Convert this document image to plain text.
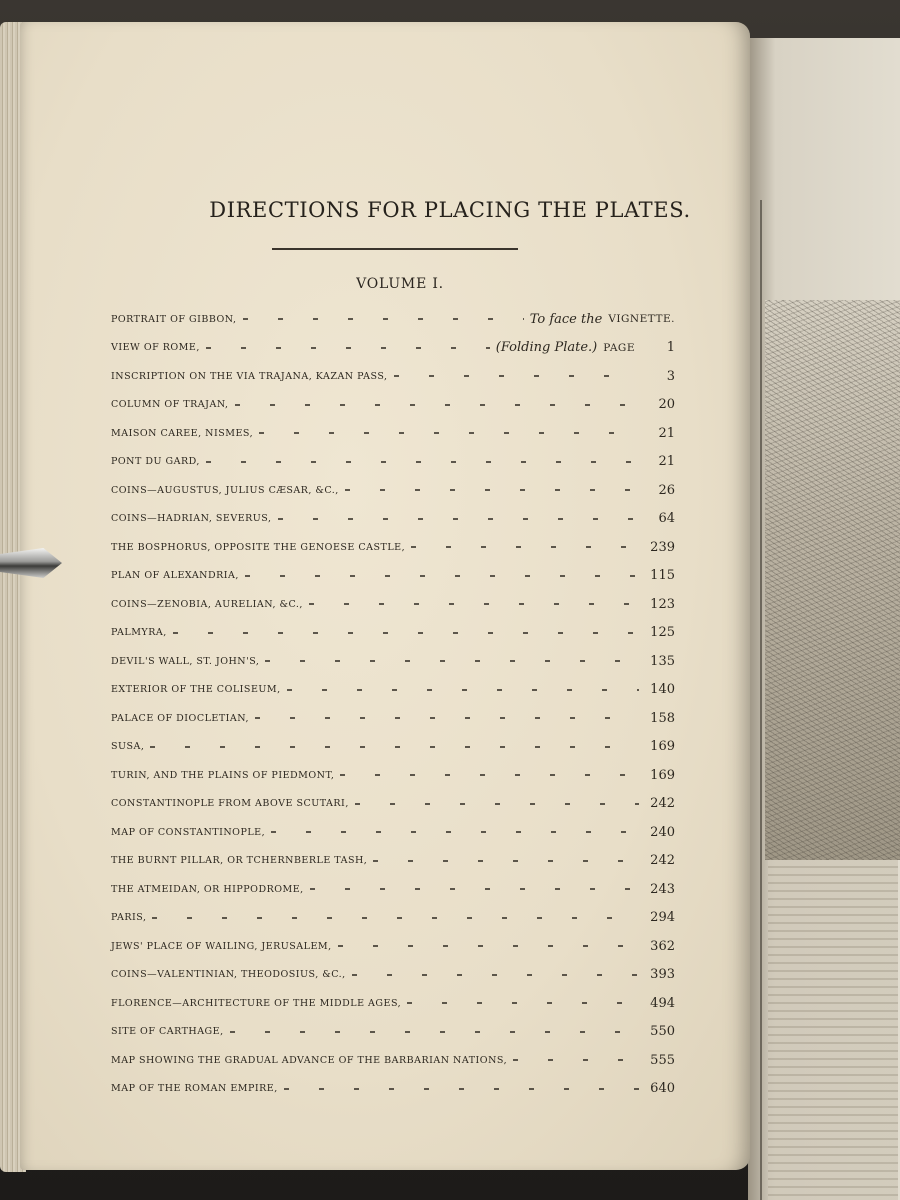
DIRECTIONS FOR PLACING THE PLATES.
VOLUME I.
PORTRAIT OF GIBBON,	To face the VIGNETTE.
VIEW OF ROME,	(Folding Plate.) PAGE	1
INSCRIPTION ON THE VIA TRAJANA, KAZAN PASS,	3
COLUMN OF TRAJAN,	20
MAISON CAREE, NISMES,	21
PONT DU GARD,	21
COINS—AUGUSTUS, JULIUS CÆSAR, &C.,	26
COINS—HADRIAN, SEVERUS,	64
THE BOSPHORUS, OPPOSITE THE GENOESE CASTLE,	239
PLAN OF ALEXANDRIA,	115
COINS—ZENOBIA, AURELIAN, &C.,	123
PALMYRA,	125
DEVIL'S WALL, ST. JOHN'S,	135
EXTERIOR OF THE COLISEUM,	140
PALACE OF DIOCLETIAN,	158
SUSA,	169
TURIN, AND THE PLAINS OF PIEDMONT,	169
CONSTANTINOPLE FROM ABOVE SCUTARI,	242
MAP OF CONSTANTINOPLE,	240
THE BURNT PILLAR, OR TCHERNBERLE TASH,	242
THE ATMEIDAN, OR HIPPODROME,	243
PARIS,	294
JEWS' PLACE OF WAILING, JERUSALEM,	362
COINS—VALENTINIAN, THEODOSIUS, &C.,	393
FLORENCE—ARCHITECTURE OF THE MIDDLE AGES,	494
SITE OF CARTHAGE,	550
MAP SHOWING THE GRADUAL ADVANCE OF THE BARBARIAN NATIONS,	555
MAP OF THE ROMAN EMPIRE,	640
